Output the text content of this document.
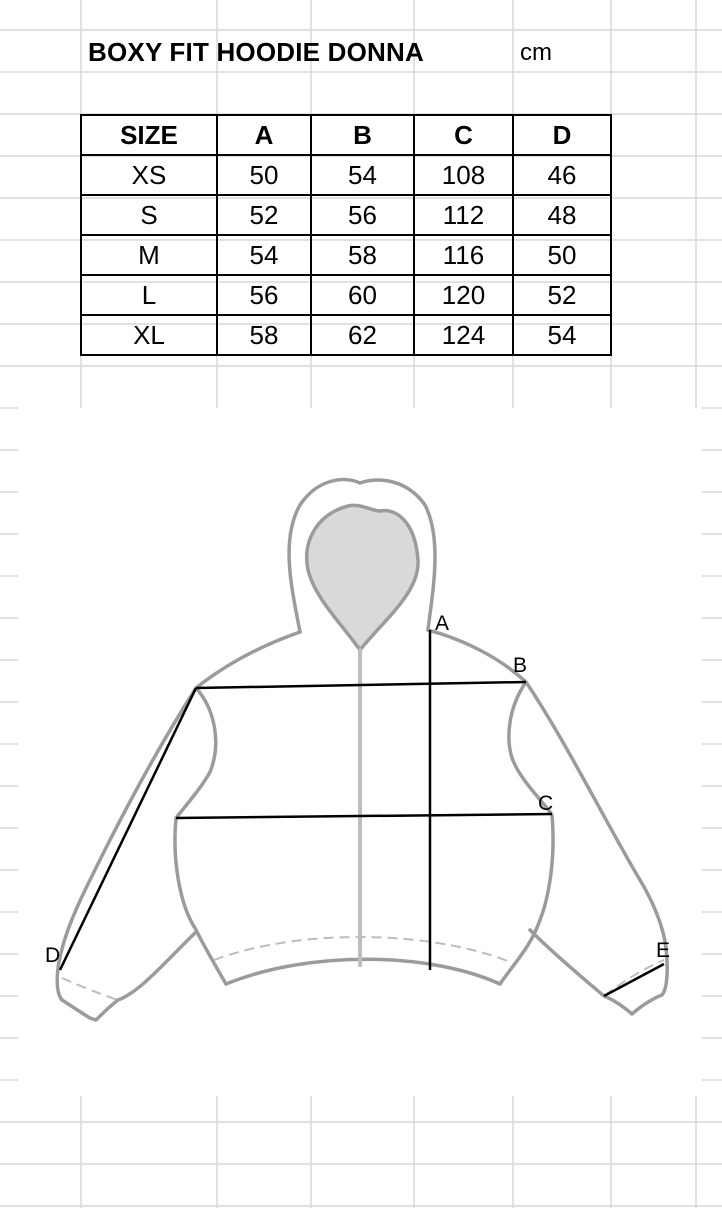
BOXY FIT HOODIE DONNA	cm
SIZE	A	B	C	D
XS	50	54	108	46
S	52	56	112	48
M	54	58	116	50
L	56	60	120	52
XL	58	62	124	54
A
B
C
D	E
